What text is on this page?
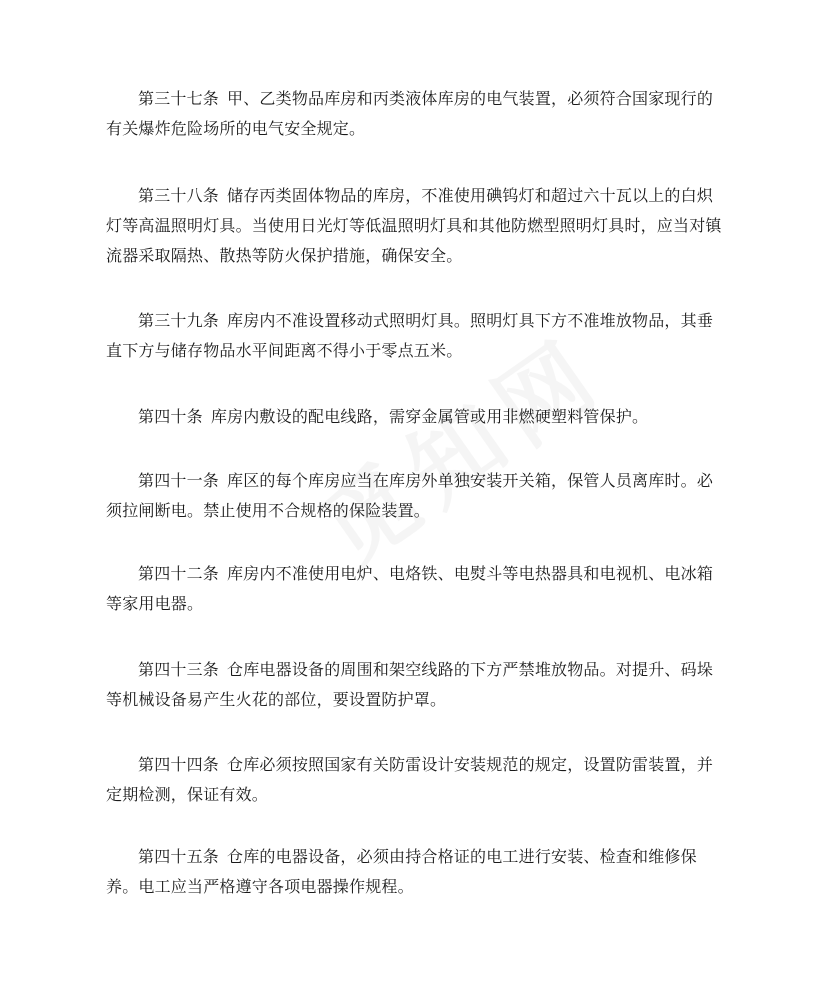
第三十七条 甲、乙类物品库房和丙类液体库房的电气装置，必须符合国家现行的有关爆炸危险场所的电气安全规定。

第三十八条 储存丙类固体物品的库房，不准使用碘钨灯和超过六十瓦以上的白炽灯等高温照明灯具。当使用日光灯等低温照明灯具和其他防燃型照明灯具时，应当对镇流器采取隔热、散热等防火保护措施，确保安全。

第三十九条 库房内不准设置移动式照明灯具。照明灯具下方不准堆放物品，其垂直下方与储存物品水平间距离不得小于零点五米。

第四十条 库房内敷设的配电线路，需穿金属管或用非燃硬塑料管保护。

第四十一条 库区的每个库房应当在库房外单独安装开关箱，保管人员离库时。必须拉闸断电。禁止使用不合规格的保险装置。

第四十二条 库房内不准使用电炉、电烙铁、电熨斗等电热器具和电视机、电冰箱等家用电器。

第四十三条 仓库电器设备的周围和架空线路的下方严禁堆放物品。对提升、码垛等机械设备易产生火花的部位，要设置防护罩。

第四十四条 仓库必须按照国家有关防雷设计安装规范的规定，设置防雷装置，并定期检测，保证有效。

第四十五条 仓库的电器设备，必须由持合格证的电工进行安装、检查和维修保养。电工应当严格遵守各项电器操作规程。
